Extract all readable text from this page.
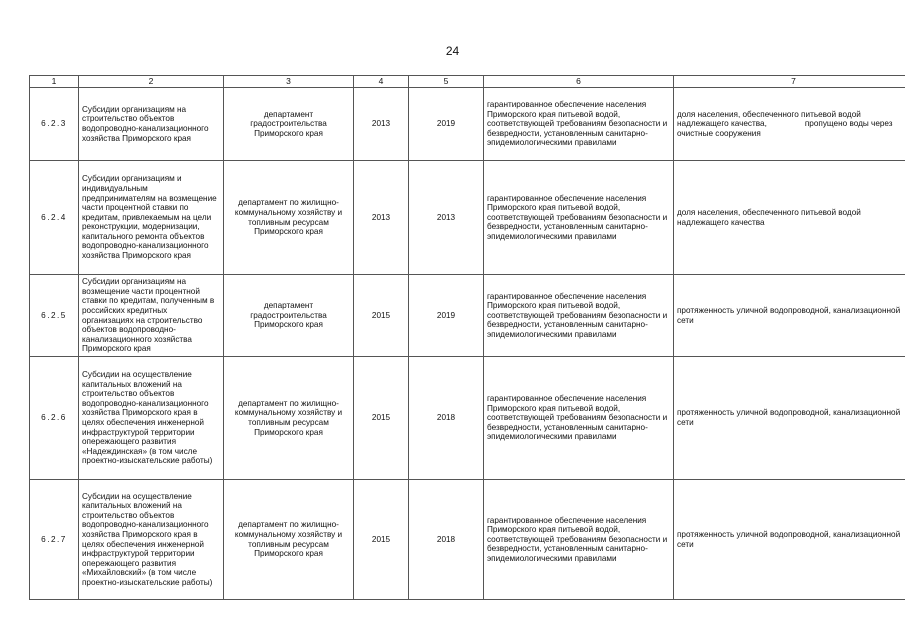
24
1	2	3	4	5	6	7
6.2.3	Субсидии организациям на строительство объектов водопроводно-канализационного хозяйства Приморского края	департамент градостроительства Приморского края	2013	2019	гарантированное обеспечение населения Приморского края питьевой водой, соответствующей требованиям безопасности и безвредности, установленным санитарно-эпидемиологическими правилами	доля населения, обеспеченного питьевой водой надлежащего качества, пропущено воды через очистные сооружения
6.2.4	Субсидии организациям и индивидуальным предпринимателям на возмещение части процентной ставки по кредитам, привлекаемым на цели реконструкции, модернизации, капитального ремонта объектов водопроводно-канализационного хозяйства Приморского края	департамент по жилищно-коммунальному хозяйству и топливным ресурсам Приморского края	2013	2013	гарантированное обеспечение населения Приморского края питьевой водой, соответствующей требованиям безопасности и безвредности, установленным санитарно-эпидемиологическими правилами	доля населения, обеспеченного питьевой водой надлежащего качества
6.2.5	Субсидии организациям на возмещение части процентной ставки по кредитам, полученным в российских кредитных организациях на строительство объектов водопроводно-канализационного хозяйства Приморского края	департамент градостроительства Приморского края	2015	2019	гарантированное обеспечение населения Приморского края питьевой водой, соответствующей требованиям безопасности и безвредности, установленным санитарно-эпидемиологическими правилами	протяженность уличной водопроводной, канализационной сети
6.2.6	Субсидии на осуществление капитальных вложений на строительство объектов водопроводно-канализационного хозяйства Приморского края в целях обеспечения инженерной инфраструктурой территории опережающего развития «Надеждинская» (в том числе проектно-изыскательские работы)	департамент по жилищно-коммунальному хозяйству и топливным ресурсам Приморского края	2015	2018	гарантированное обеспечение населения Приморского края питьевой водой, соответствующей требованиям безопасности и безвредности, установленным санитарно-эпидемиологическими правилами	протяженность уличной водопроводной, канализационной сети
6.2.7	Субсидии на осуществление капитальных вложений на строительство объектов водопроводно-канализационного хозяйства Приморского края в целях обеспечения инженерной инфраструктурой территории опережающего развития «Михайловский» (в том числе проектно-изыскательские работы)	департамент по жилищно-коммунальному хозяйству и топливным ресурсам Приморского края	2015	2018	гарантированное обеспечение населения Приморского края питьевой водой, соответствующей требованиям безопасности и безвредности, установленным санитарно-эпидемиологическими правилами	протяженность уличной водопроводной, канализационной сети
